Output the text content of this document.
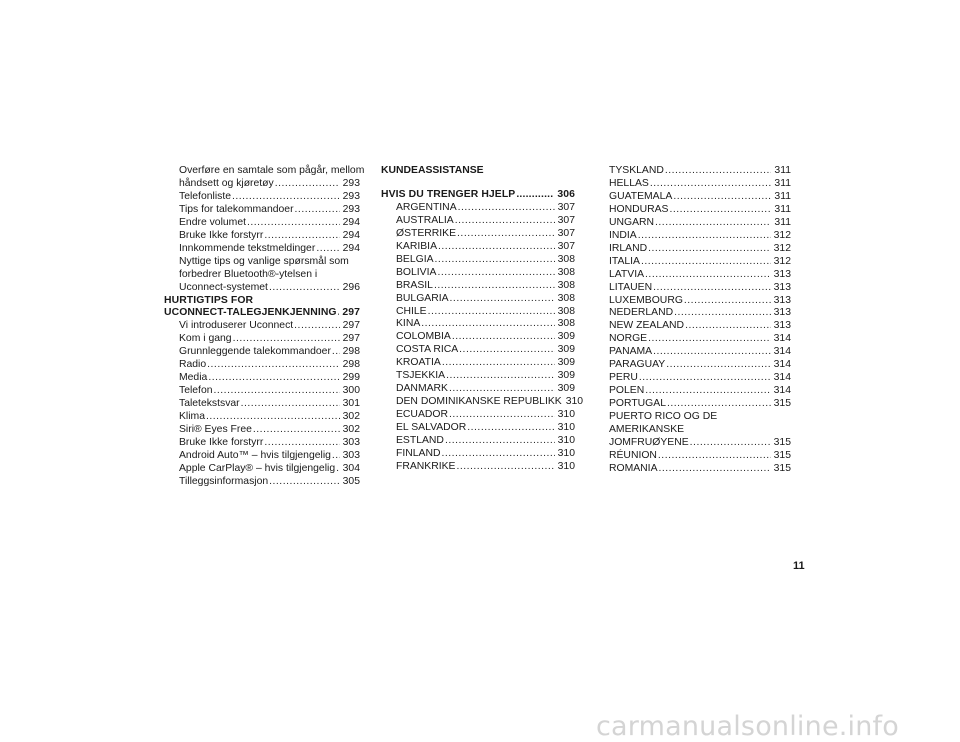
Overføre en samtale som pågår, mellom
håndsett og kjøretøy .....	293
Telefonliste .....	293
Tips for talekommandoer .....	293
Endre volumet .....	294
Bruke Ikke forstyrr .....	294
Innkommende tekstmeldinger .....	294
Nyttige tips og vanlige spørsmål som
forbedrer Bluetooth®-ytelsen i
Uconnect-systemet .....	296
HURTIGTIPS FOR
UCONNECT-TALEGJENKJENNING ..... 297
Vi introduserer Uconnect .....	297
Kom i gang .....	297
Grunnleggende talekommandoer ..... 298
Radio .....	298
Media .....	299
Telefon .....	300
Taletekstsvar .....	301
Klima .....	302
Siri® Eyes Free .....	302
Bruke Ikke forstyrr .....	303
Android Auto™ – hvis tilgjengelig ..... 303
Apple CarPlay® – hvis tilgjengelig ..... 304
Tilleggsinformasjon .....	305
KUNDEASSISTANSE
HVIS DU TRENGER HJELP .....	306
ARGENTINA .....	307
AUSTRALIA .....	307
ØSTERRIKE .....	307
KARIBIA .....	307
BELGIA .....	308
BOLIVIA .....	308
BRASIL .....	308
BULGARIA .....	308
CHILE .....	308
KINA .....	308
COLOMBIA .....	309
COSTA RICA .....	309
KROATIA .....	309
TSJEKKIA .....	309
DANMARK .....	309
DEN DOMINIKANSKE REPUBLIKK 310
ECUADOR .....	310
EL SALVADOR .....	310
ESTLAND .....	310
FINLAND .....	310
FRANKRIKE .....	310
TYSKLAND .....	311
HELLAS .....	311
GUATEMALA .....	311
HONDURAS .....	311
UNGARN .....	311
INDIA .....	312
IRLAND .....	312
ITALIA .....	312
LATVIA .....	313
LITAUEN .....	313
LUXEMBOURG .....	313
NEDERLAND .....	313
NEW ZEALAND .....	313
NORGE .....	314
PANAMA .....	314
PARAGUAY .....	314
PERU .....	314
POLEN .....	314
PORTUGAL .....	315
PUERTO RICO OG DE AMERIKANSKE
JOMFRUØYENE .....	315
RÉUNION .....	315
ROMANIA .....	315
11
carmanualsonline.info
